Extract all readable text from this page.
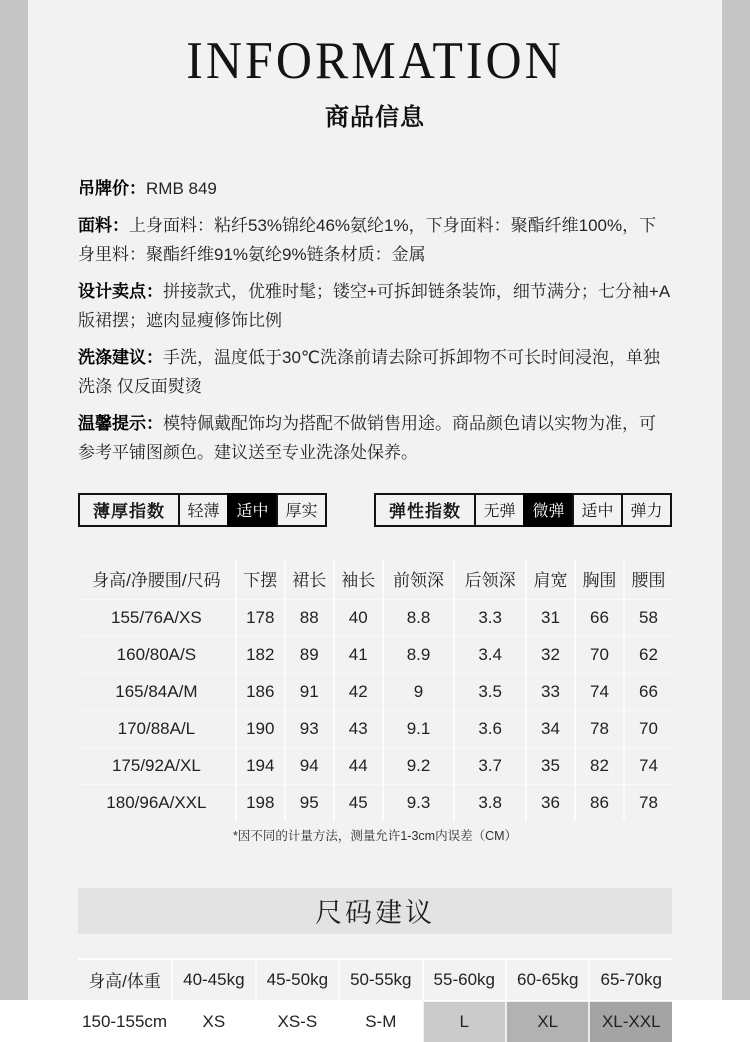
INFORMATION
商品信息

吊牌价：RMB 849

面料：上身面料：粘纤53%锦纶46%氨纶1%，下身面料：聚酯纤维100%，下身里料：聚酯纤维91%氨纶9%链条材质：金属

设计卖点：拼接款式，优雅时髦；镂空+可拆卸链条装饰，细节满分；七分袖+A版裙摆；遮肉显瘦修饰比例

洗涤建议：手洗，温度低于30℃洗涤前请去除可拆卸物不可长时间浸泡，单独洗涤 仅反面熨烫

温馨提示：模特佩戴配饰均为搭配不做销售用途。商品颜色请以实物为准，可参考平铺图颜色。建议送至专业洗涤处保养。

薄厚指数	轻薄	适中	厚实	弹性指数	无弹	微弹	适中	弹力
身高/净腰围/尺码	下摆	裙长	袖长	前领深	后领深	肩宽	胸围	腰围
155/76A/XS	178	88	40	8.8	3.3	31	66	58
160/80A/S	182	89	41	8.9	3.4	32	70	62
165/84A/M	186	91	42	9	3.5	33	74	66
170/88A/L	190	93	43	9.1	3.6	34	78	70
175/92A/XL	194	94	44	9.2	3.7	35	82	74
180/96A/XXL	198	95	45	9.3	3.8	36	86	78
*因不同的计量方法，测量允许1-3cm内误差（CM）
尺码建议
身高/体重	40-45kg	45-50kg	50-55kg	55-60kg	60-65kg	65-70kg
150-155cm	XS	XS-S	S-M	L	XL	XL-XXL
